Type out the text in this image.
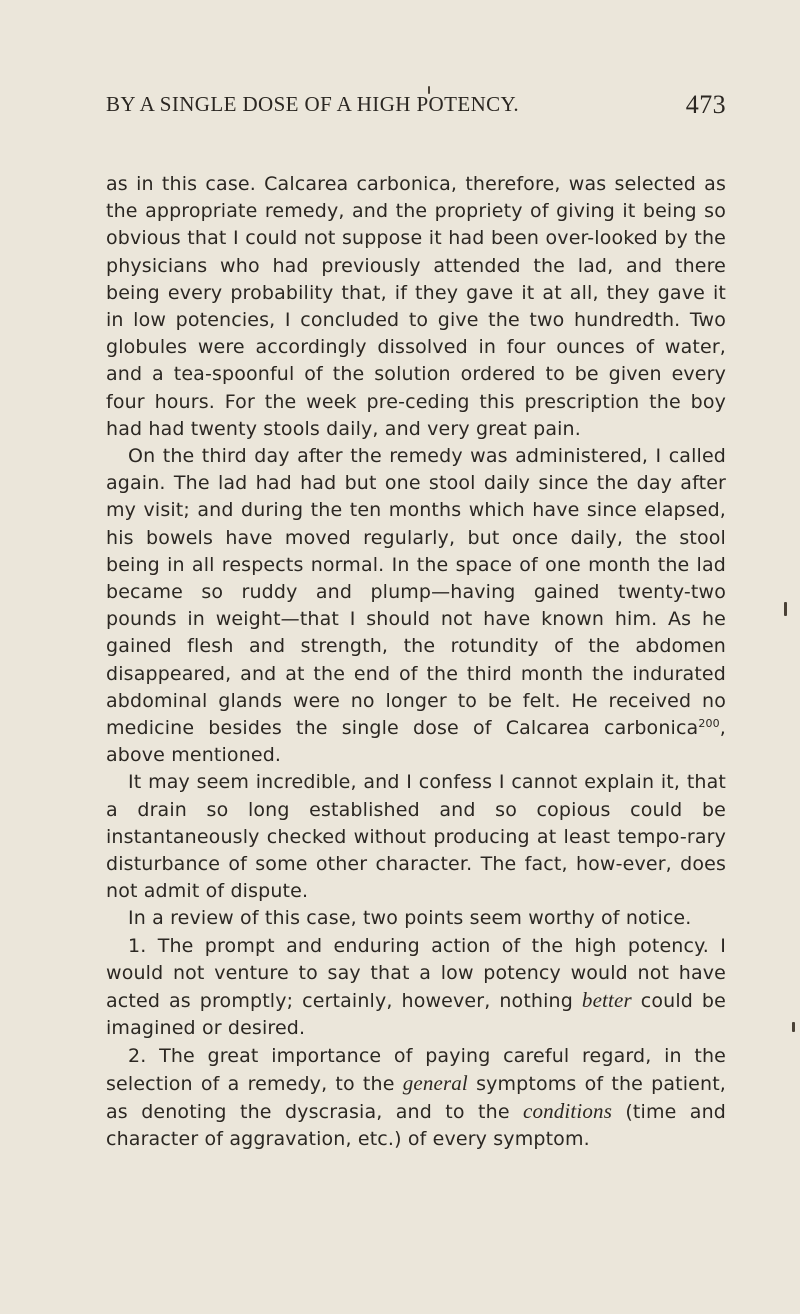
BY A SINGLE DOSE OF A HIGH POTENCY.	473

as in this case. Calcarea carbonica, therefore, was selected as the appropriate remedy, and the propriety of giving it being so obvious that I could not suppose it had been over-looked by the physicians who had previously attended the lad, and there being every probability that, if they gave it at all, they gave it in low potencies, I concluded to give the two hundredth. Two globules were accordingly dissolved in four ounces of water, and a tea-spoonful of the solution ordered to be given every four hours. For the week pre-ceding this prescription the boy had had twenty stools daily, and very great pain.

On the third day after the remedy was administered, I called again. The lad had had but one stool daily since the day after my visit; and during the ten months which have since elapsed, his bowels have moved regularly, but once daily, the stool being in all respects normal. In the space of one month the lad became so ruddy and plump—having gained twenty-two pounds in weight—that I should not have known him. As he gained flesh and strength, the rotundity of the abdomen disappeared, and at the end of the third month the indurated abdominal glands were no longer to be felt. He received no medicine besides the single dose of Calcarea carbonica$^{200}$, above mentioned.

It may seem incredible, and I confess I cannot explain it, that a drain so long established and so copious could be instantaneously checked without producing at least tempo-rary disturbance of some other character. The fact, how-ever, does not admit of dispute.

In a review of this case, two points seem worthy of notice.

1. The prompt and enduring action of the high potency. I would not venture to say that a low potency would not have acted as promptly; certainly, however, nothing better could be imagined or desired.

2. The great importance of paying careful regard, in the selection of a remedy, to the general symptoms of the patient, as denoting the dyscrasia, and to the conditions (time and character of aggravation, etc.) of every symptom.
